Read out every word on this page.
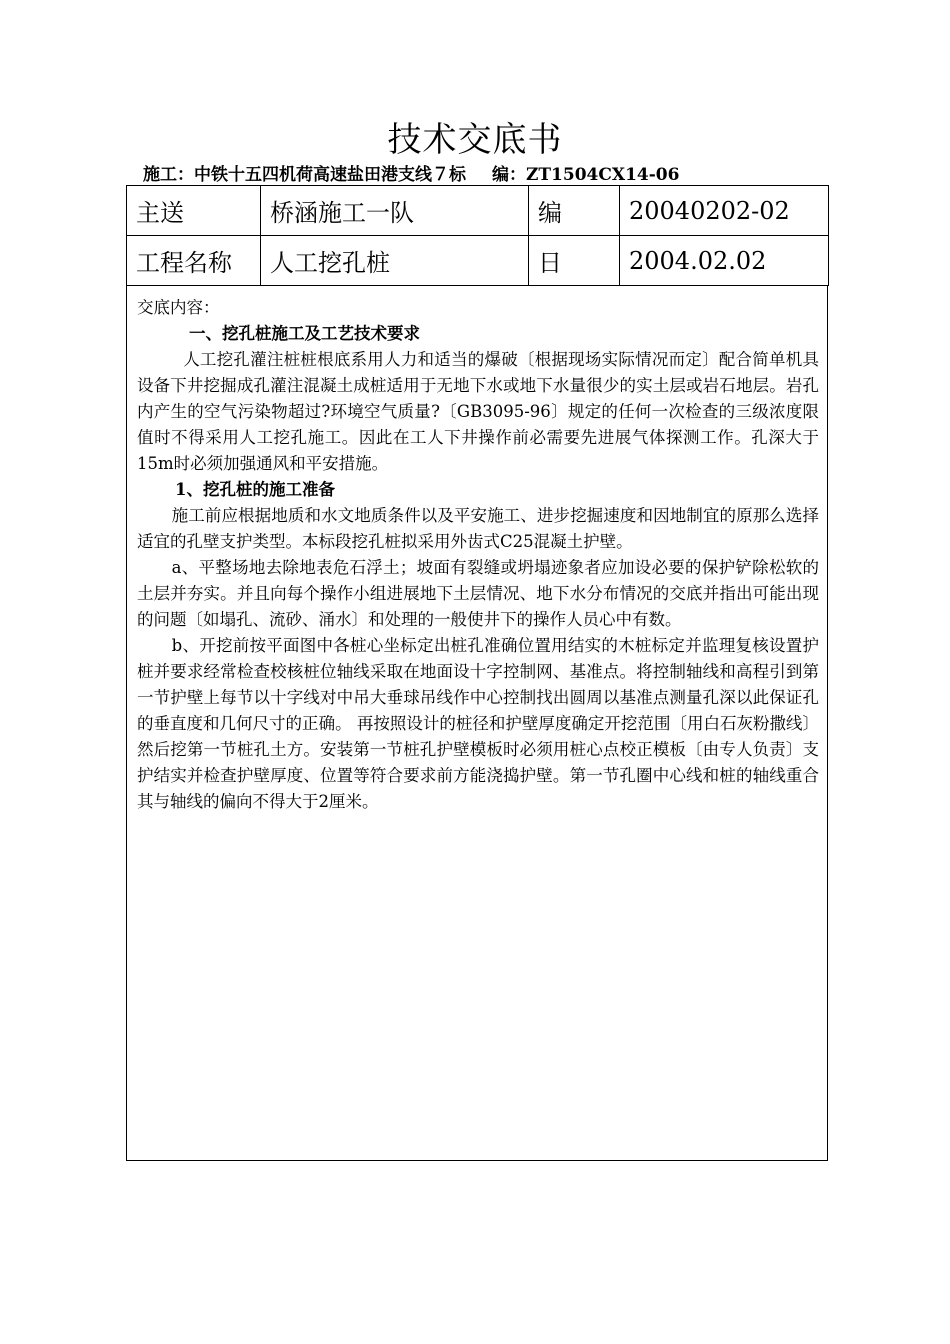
技术交底书
施工：中铁十五四机荷高速盐田港支线７标 编：ZT1504CX14-06
主送	桥涵施工一队	编	20040202-02
工程名称	人工挖孔桩	日	2004.02.02

交底内容：

一、挖孔桩施工及工艺技术要求

人工挖孔灌注桩桩根底系用人力和适当的爆破〔根据现场实际情况而定〕配合简单机具设备下井挖掘成孔灌注混凝土成桩适用于无地下水或地下水量很少的实土层或岩石地层。岩孔内产生的空气污染物超过?环境空气质量?〔GB3095-96〕规定的任何一次检查的三级浓度限值时不得采用人工挖孔施工。因此在工人下井操作前必需要先进展气体探测工作。孔深大于15m时必须加强通风和平安措施。

1、挖孔桩的施工准备

施工前应根据地质和水文地质条件以及平安施工、进步挖掘速度和因地制宜的原那么选择适宜的孔壁支护类型。本标段挖孔桩拟采用外齿式C25混凝土护壁。

a、平整场地去除地表危石浮土；坡面有裂缝或坍塌迹象者应加设必要的保护铲除松软的土层并夯实。并且向每个操作小组进展地下土层情况、地下水分布情况的交底并指出可能出现的问题〔如塌孔、流砂、涌水〕和处理的一般使井下的操作人员心中有数。

b、开挖前按平面图中各桩心坐标定出桩孔准确位置用结实的木桩标定并监理复核设置护桩并要求经常检查校核桩位轴线采取在地面设十字控制网、基准点。将控制轴线和高程引到第一节护壁上每节以十字线对中吊大垂球吊线作中心控制找出圆周以基准点测量孔深以此保证孔的垂直度和几何尺寸的正确。 再按照设计的桩径和护壁厚度确定开挖范围〔用白石灰粉撒线〕然后挖第一节桩孔土方。安装第一节桩孔护壁模板时必须用桩心点校正模板〔由专人负责〕支护结实并检查护壁厚度、位置等符合要求前方能浇捣护壁。第一节孔圈中心线和桩的轴线重合其与轴线的偏向不得大于2厘米。
